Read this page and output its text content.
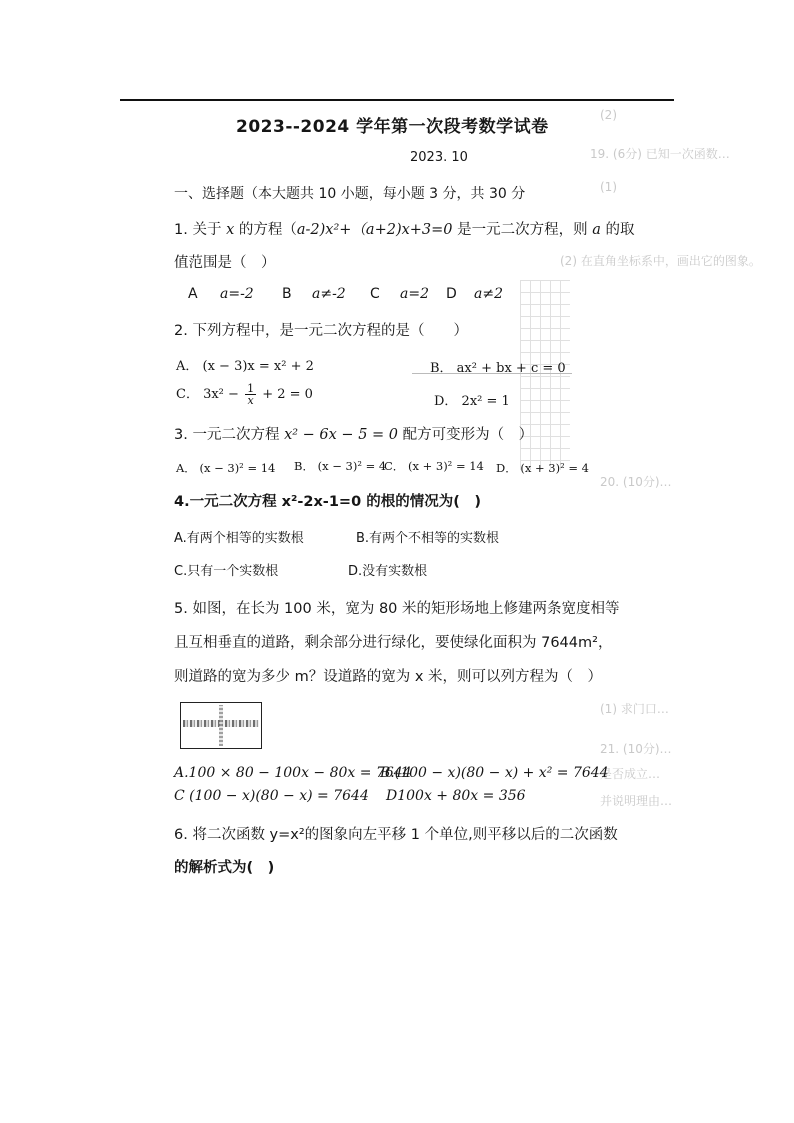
(2)
19. (6分) 已知一次函数…
(1)
(2) 在直角坐标系中，画出它的图象。
20. (10分)…
(1) 求门口…
21. (10分)…
是否成立…
并说明理由…
2023--2024 学年第一次段考数学试卷
2023. 10
一、选择题（本大题共 10 小题，每小题 3 分，共 30 分
1. 关于 x 的方程（a-2)x²+（a+2)x+3=0 是一元二次方程，则 a 的取
值范围是（　）
A a=-2 B a≠-2 C a=2 D a≠2
2. 下列方程中，是一元二次方程的是（　　）
A． (x − 3)x = x² + 2	B． ax² + bx + c = 0
C． $3x^2 - \frac{1}{x} + 2 = 0$	D． 2x² = 1
3. 一元二次方程 x² − 6x − 5 = 0 配方可变形为（　）
A． (x − 3)² = 14 B． (x − 3)² = 4
C． (x + 3)² = 14 D． (x + 3)² = 4
4.一元二次方程 x²-2x-1=0 的根的情况为(　)
A.有两个相等的实数根	B.有两个不相等的实数根
C.只有一个实数根	D.没有实数根
5. 如图，在长为 100 米，宽为 80 米的矩形场地上修建两条宽度相等
且互相垂直的道路，剩余部分进行绿化，要使绿化面积为 7644m²，
则道路的宽为多少 m？设道路的宽为 x 米，则可以列方程为（　）
A.100 × 80 − 100x − 80x = 7644
B.(100 − x)(80 − x) + x² = 7644
C (100 − x)(80 − x) = 7644 D100x + 80x = 356
6. 将二次函数 y=x²的图象向左平移 1 个单位,则平移以后的二次函数
的解析式为(　)
